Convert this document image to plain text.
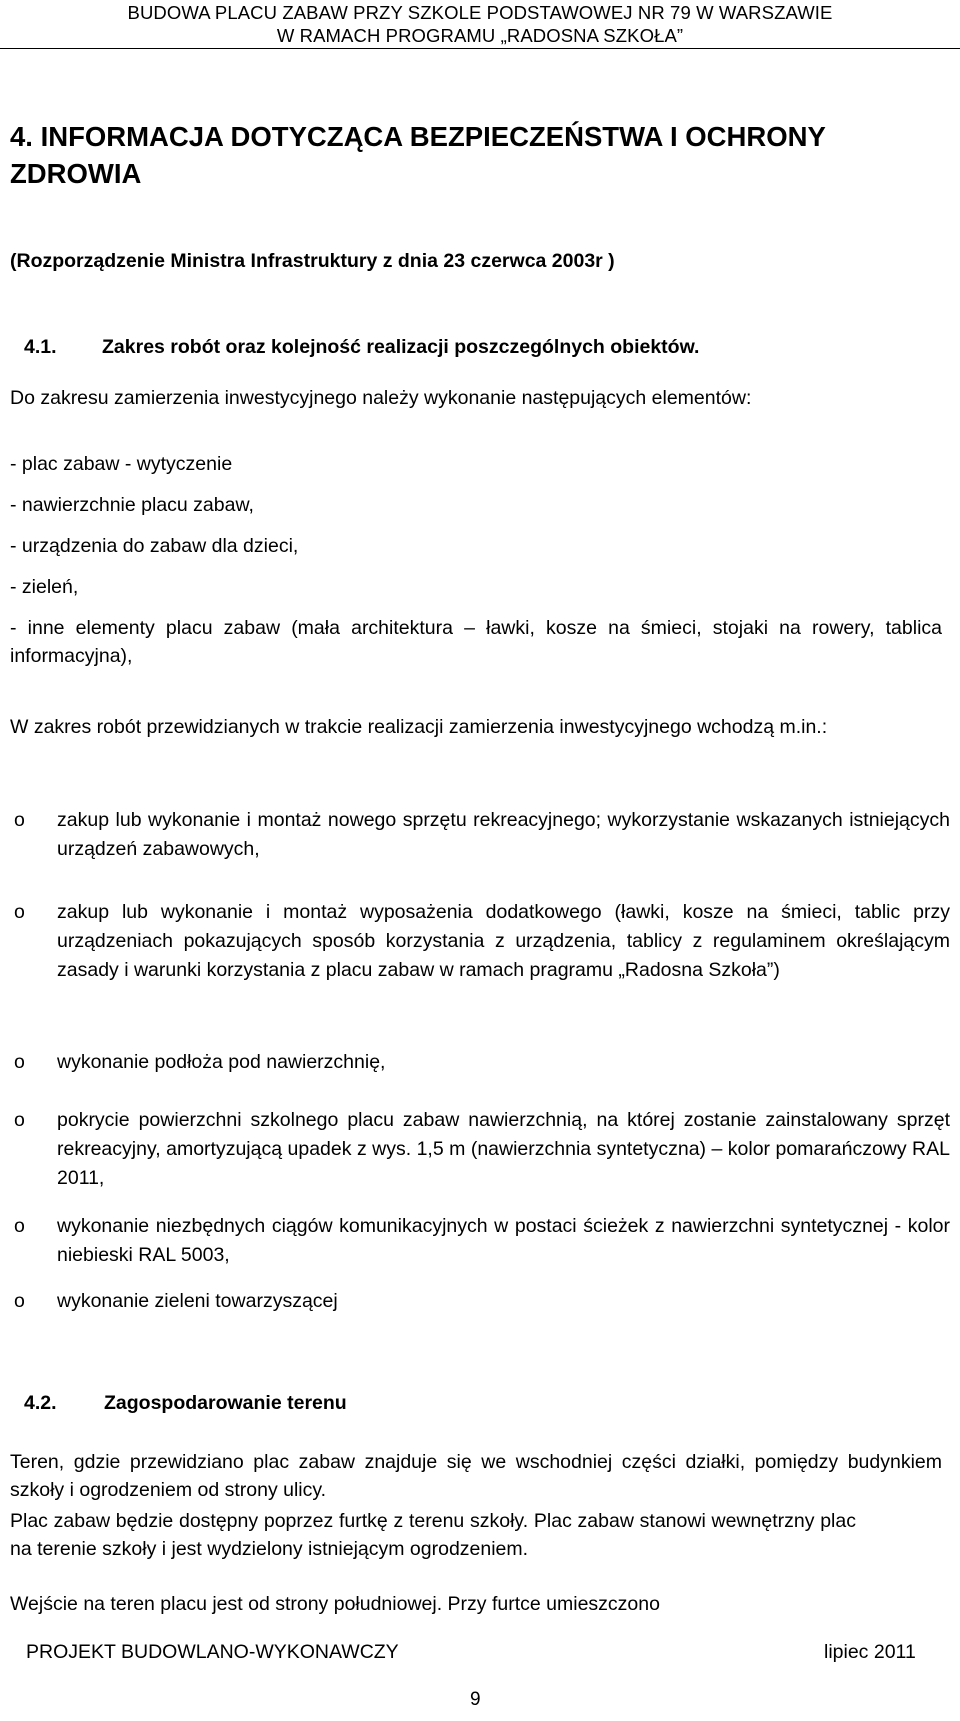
BUDOWA PLACU ZABAW PRZY SZKOLE PODSTAWOWEJ NR 79 W WARSZAWIE
W RAMACH PROGRAMU „RADOSNA SZKOŁA”
4. INFORMACJA DOTYCZĄCA BEZPIECZEŃSTWA I OCHRONY ZDROWIA
(Rozporządzenie Ministra Infrastruktury z dnia 23 czerwca 2003r )
4.1. Zakres robót oraz kolejność realizacji poszczególnych obiektów.
Do zakresu zamierzenia inwestycyjnego należy wykonanie następujących elementów:
- plac zabaw - wytyczenie
- nawierzchnie placu zabaw,
- urządzenia do zabaw dla dzieci,
- zieleń,
- inne elementy placu zabaw (mała architektura – ławki, kosze na śmieci, stojaki na rowery, tablica informacyjna),
W zakres robót przewidzianych w trakcie realizacji zamierzenia inwestycyjnego wchodzą m.in.:
o zakup lub wykonanie i montaż nowego sprzętu rekreacyjnego; wykorzystanie wskazanych istniejących urządzeń zabawowych,
o zakup lub wykonanie i montaż wyposażenia dodatkowego (ławki, kosze na śmieci, tablic przy urządzeniach pokazujących sposób korzystania z urządzenia, tablicy z regulaminem określającym zasady i warunki korzystania z placu zabaw w ramach pragramu „Radosna Szkoła”)
o wykonanie podłoża pod nawierzchnię,
o pokrycie powierzchni szkolnego placu zabaw nawierzchnią, na której zostanie zainstalowany sprzęt rekreacyjny, amortyzującą upadek z wys. 1,5 m (nawierzchnia syntetyczna) – kolor pomarańczowy RAL 2011,
o wykonanie niezbędnych ciągów komunikacyjnych w postaci ścieżek z nawierzchni syntetycznej - kolor niebieski RAL 5003,
o wykonanie zieleni towarzyszącej
4.2. Zagospodarowanie terenu
Teren, gdzie przewidziano plac zabaw znajduje się we wschodniej części działki, pomiędzy budynkiem szkoły i ogrodzeniem od strony ulicy.
Plac zabaw będzie dostępny poprzez furtkę z terenu szkoły. Plac zabaw stanowi wewnętrzny plac na terenie szkoły i jest wydzielony istniejącym ogrodzeniem.
Wejście na teren placu jest od strony południowej. Przy furtce umieszczono
PROJEKT BUDOWLANO-WYKONAWCZY	lipiec 2011
9
